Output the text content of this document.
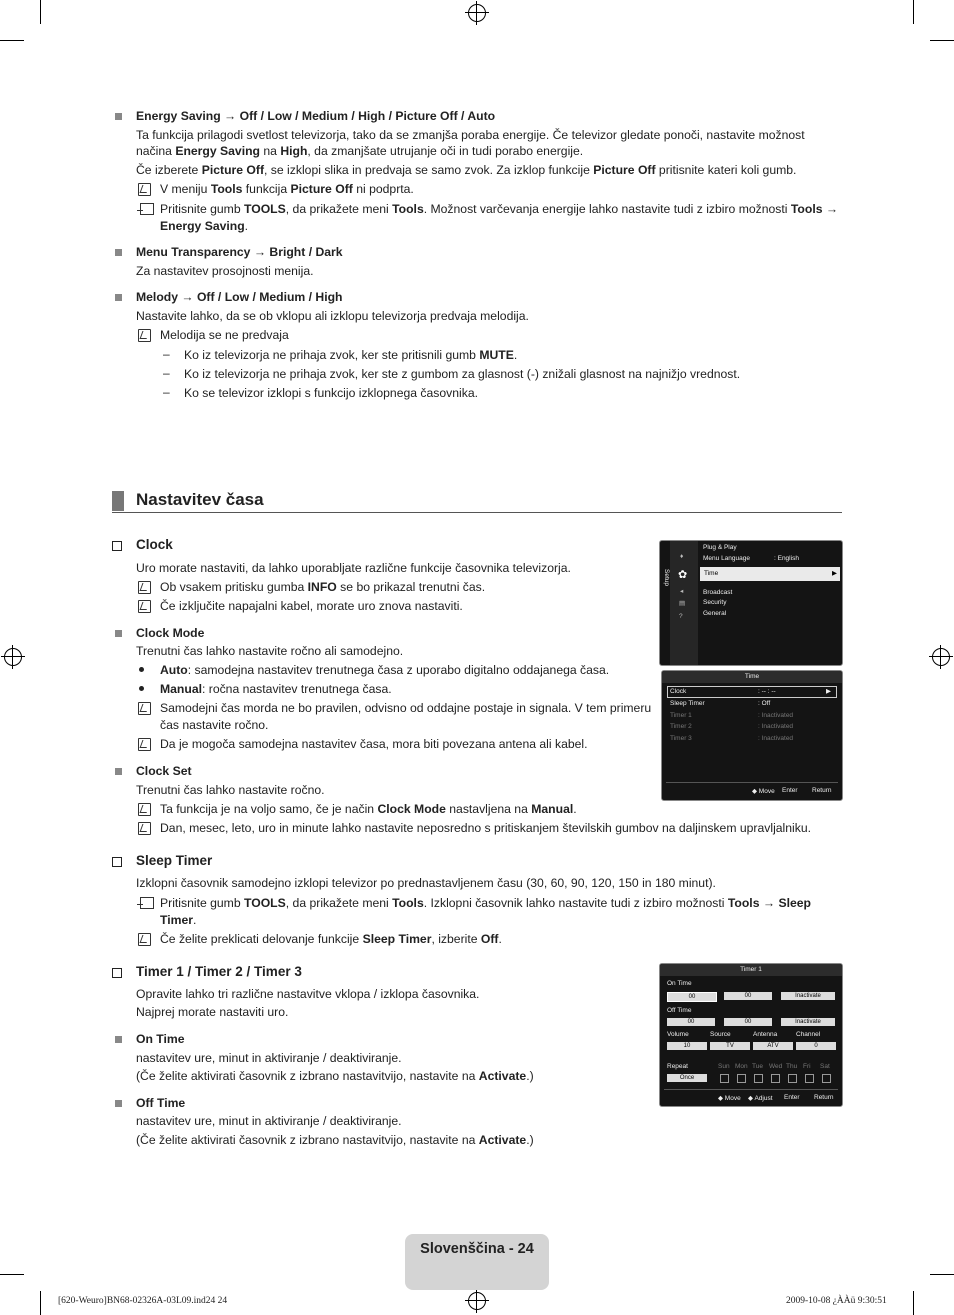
Energy Saving → Off / Low / Medium / High / Picture Off / Auto
Ta funkcija prilagodi svetlost televizorja, tako da se zmanjša poraba energije. Če televizor gledate ponoči, nastavite možnost
načina Energy Saving na High, da zmanjšate utrujanje oči in tudi porabo energije.
Če izberete Picture Off, se izklopi slika in predvaja se samo zvok. Za izklop funkcije Picture Off pritisnite kateri koli gumb.
V meniju Tools funkcija Picture Off ni podprta.
Pritisnite gumb TOOLS, da prikažete meni Tools. Možnost varčevanja energije lahko nastavite tudi z izbiro možnosti Tools →
Energy Saving.
Menu Transparency → Bright / Dark
Za nastavitev prosojnosti menija.
Melody → Off / Low / Medium / High
Nastavite lahko, da se ob vklopu ali izklopu televizorja predvaja melodija.
Melodija se ne predvaja
– Ko iz televizorja ne prihaja zvok, ker ste pritisnili gumb MUTE.
– Ko iz televizorja ne prihaja zvok, ker ste z gumbom za glasnost (-) znižali glasnost na najnižjo vrednost.
– Ko se televizor izklopi s funkcijo izklopnega časovnika.
Nastavitev časa
Clock
Uro morate nastaviti, da lahko uporabljate različne funkcije časovnika televizorja.
Ob vsakem pritisku gumba INFO se bo prikazal trenutni čas.
Če izključite napajalni kabel, morate uro znova nastaviti.
Clock Mode
Trenutni čas lahko nastavite ročno ali samodejno.
Auto: samodejna nastavitev trenutnega časa z uporabo digitalno oddajanega časa.
Manual: ročna nastavitev trenutnega časa.
Samodejni čas morda ne bo pravilen, odvisno od oddajne postaje in signala. V tem primeru
čas nastavite ročno.
Da je mogoča samodejna nastavitev časa, mora biti povezana antena ali kabel.
Clock Set
Trenutni čas lahko nastavite ročno.
Ta funkcija je na voljo samo, če je način Clock Mode nastavljena na Manual.
Dan, mesec, leto, uro in minute lahko nastavite neposredno s pritiskanjem številskih gumbov na daljinskem upravljalniku.
Sleep Timer
Izklopni časovnik samodejno izklopi televizor po prednastavljenem času (30, 60, 90, 120, 150 in 180 minut).
Pritisnite gumb TOOLS, da prikažete meni Tools. Izklopni časovnik lahko nastavite tudi z izbiro možnosti Tools → Sleep
Timer.
Če želite preklicati delovanje funkcije Sleep Timer, izberite Off.
Timer 1 / Timer 2 / Timer 3
Opravite lahko tri različne nastavitve vklopa / izklopa časovnika.
Najprej morate nastaviti uro.
On Time
nastavitev ure, minut in aktiviranje / deaktiviranje.
(Če želite aktivirati časovnik z izbrano nastavitvijo, nastavite na Activate.)
Off Time
nastavitev ure, minut in aktiviranje / deaktiviranje.
(Če želite aktivirati časovnik z izbrano nastavitvijo, nastavite na Activate.)
Setup
♦
✿
◂
▤
?
Plug & Play
Menu Language	: English
Time	▶
Broadcast
Security
General
Time
Clock	: -- : --	▶
Sleep Timer	: Off
Timer 1	: Inactivated
Timer 2	: Inactivated
Timer 3	: Inactivated
◆ Move Enter Return
Timer 1
On Time
00	00	Inactivate
Off Time
00	00	Inactivate
Volume	Source	Antenna	Channel
10	TV	ATV	0
Repeat
Once
Sun Mon Tue Wed Thu Fri Sat
◆ Move ◆ Adjust Enter Return
Slovenščina - 24
[620-Weuro]BN68-02326A-03L09.ind24 24	2009-10-08 ¿ÀÀü 9:30:51
